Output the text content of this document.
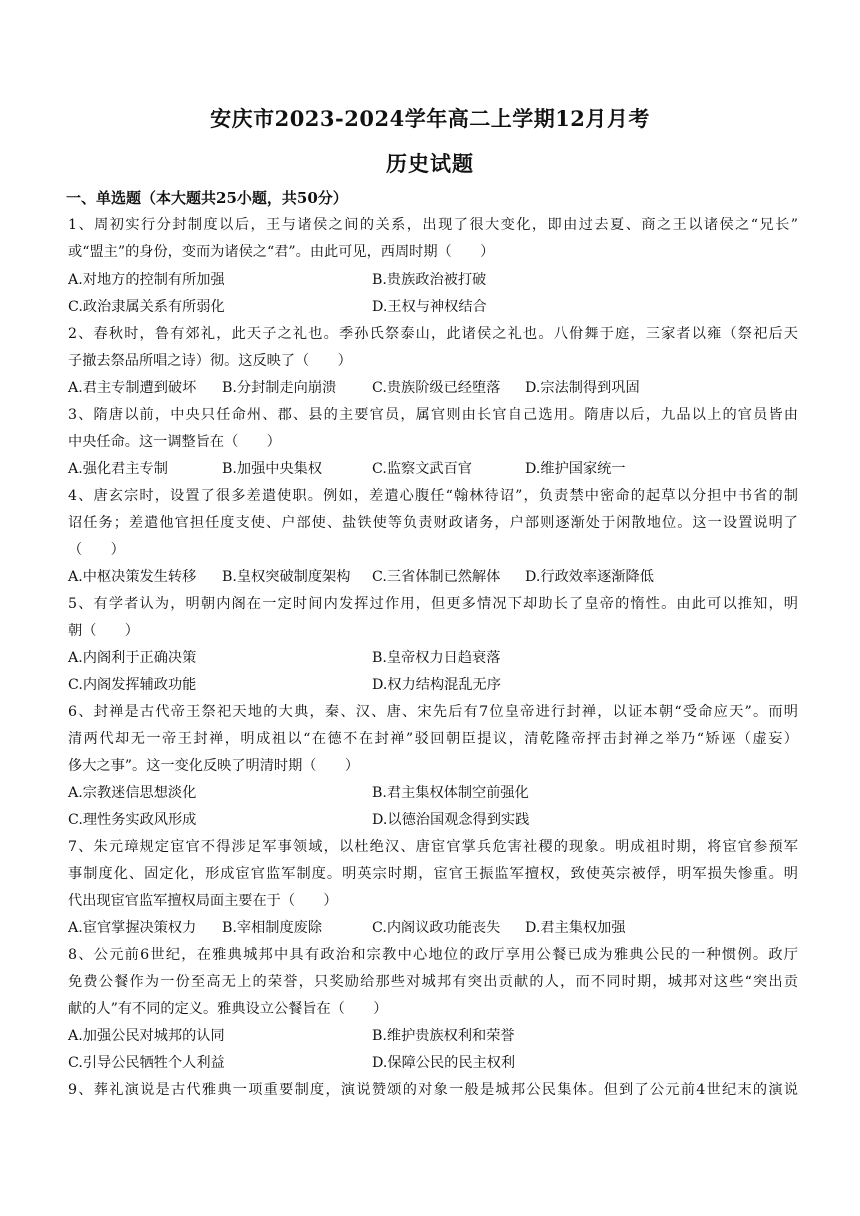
安庆市2023-2024学年高二上学期12月月考
历史试题
一、单选题（本大题共25小题，共50分）
1、周初实行分封制度以后，王与诸侯之间的关系，出现了很大变化，即由过去夏、商之王以诸侯之“兄长”
或“盟主”的身份，变而为诸侯之“君”。由此可见，西周时期（　　）
A.对地方的控制有所加强	B.贵族政治被打破
C.政治隶属关系有所弱化	D.王权与神权结合
2、春秋时，鲁有郊礼，此天子之礼也。季孙氏祭泰山，此诸侯之礼也。八佾舞于庭，三家者以雍（祭祀后天
子撤去祭品所唱之诗）彻。这反映了（　　）
A.君主专制遭到破坏 B.分封制走向崩溃	C.贵族阶级已经堕落 D.宗法制得到巩固
3、隋唐以前，中央只任命州、郡、县的主要官员，属官则由长官自己选用。隋唐以后，九品以上的官员皆由
中央任命。这一调整旨在（　　）
A.强化君主专制	B.加强中央集权	C.监察文武百官	D.维护国家统一
4、唐玄宗时，设置了很多差遣使职。例如，差遣心腹任“翰林待诏”，负责禁中密命的起草以分担中书省的制
诏任务；差遣他官担任度支使、户部使、盐铁使等负责财政诸务，户部则逐渐处于闲散地位。这一设置说明了
（　　）
A.中枢决策发生转移 B.皇权突破制度架构 C.三省体制已然解体 D.行政效率逐渐降低
5、有学者认为，明朝内阁在一定时间内发挥过作用，但更多情况下却助长了皇帝的惰性。由此可以推知，明
朝（　　）
A.内阁利于正确决策	B.皇帝权力日趋衰落
C.内阁发挥辅政功能	D.权力结构混乱无序
6、封禅是古代帝王祭祀天地的大典，秦、汉、唐、宋先后有7位皇帝进行封禅，以证本朝“受命应天”。而明
清两代却无一帝王封禅，明成祖以“在德不在封禅”驳回朝臣提议，清乾隆帝抨击封禅之举乃“矫诬（虚妄）
侈大之事”。这一变化反映了明清时期（　　）
A.宗教迷信思想淡化	B.君主集权体制空前强化
C.理性务实政风形成	D.以德治国观念得到实践
7、朱元璋规定宦官不得涉足军事领域，以杜绝汉、唐宦官掌兵危害社稷的现象。明成祖时期，将宦官参预军
事制度化、固定化，形成宦官监军制度。明英宗时期，宦官王振监军擅权，致使英宗被俘，明军损失惨重。明
代出现宦官监军擅权局面主要在于（　　）
A.宦官掌握决策权力 B.宰相制度废除	C.内阁议政功能丧失 D.君主集权加强
8、公元前6世纪，在雅典城邦中具有政治和宗教中心地位的政厅享用公餐已成为雅典公民的一种惯例。政厅
免费公餐作为一份至高无上的荣誉，只奖励给那些对城邦有突出贡献的人，而不同时期，城邦对这些“突出贡
献的人”有不同的定义。雅典设立公餐旨在（　　）
A.加强公民对城邦的认同	B.维护贵族权利和荣誉
C.引导公民牺牲个人利益	D.保障公民的民主权利
9、葬礼演说是古代雅典一项重要制度，演说赞颂的对象一般是城邦公民集体。但到了公元前4世纪末的演说
